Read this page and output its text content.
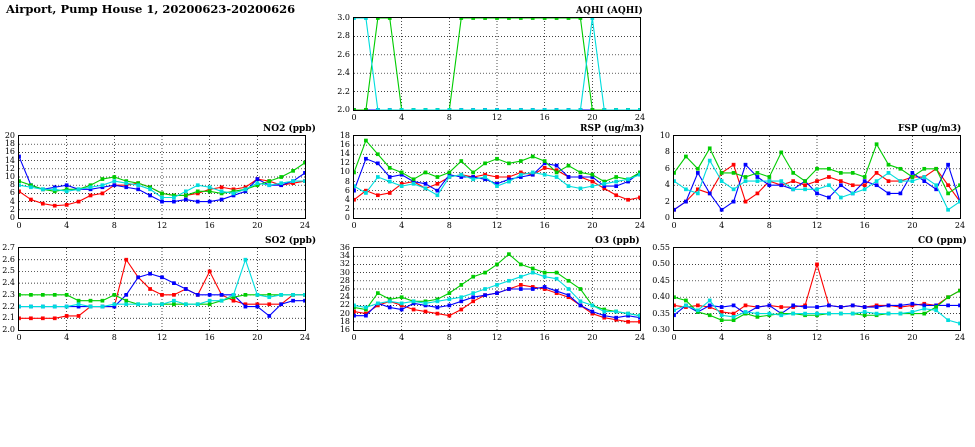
Airport, Pump House 1, 20200623-20200626	AQHI (AQHI)
0	4	8	12	16	20	24
2.0
2.2
2.4
2.6
2.8
3.0
NO2 (ppb)
0	4	8	12	16	20	24
0
2
4
6
8
10
12
14
16
18
20
RSP (ug/m3)
0	4	8	12	16	20	24
0
2
4
6
8
10
12
14
16
18
FSP (ug/m3)
0	4	8	12	16	20	24
0
2
4
6
8
10
SO2 (ppb)
0	4	8	12	16	20	24
2.0
2.1
2.2
2.3
2.4
2.5
2.6
2.7
O3 (ppb)
0	4	8	12	16	20	24
16
18
20
22
24
26
28
30
32
34
36
CO (ppm)
0	4	8	12	16	20	24
0.30
0.35
0.40
0.45
0.50
0.55
